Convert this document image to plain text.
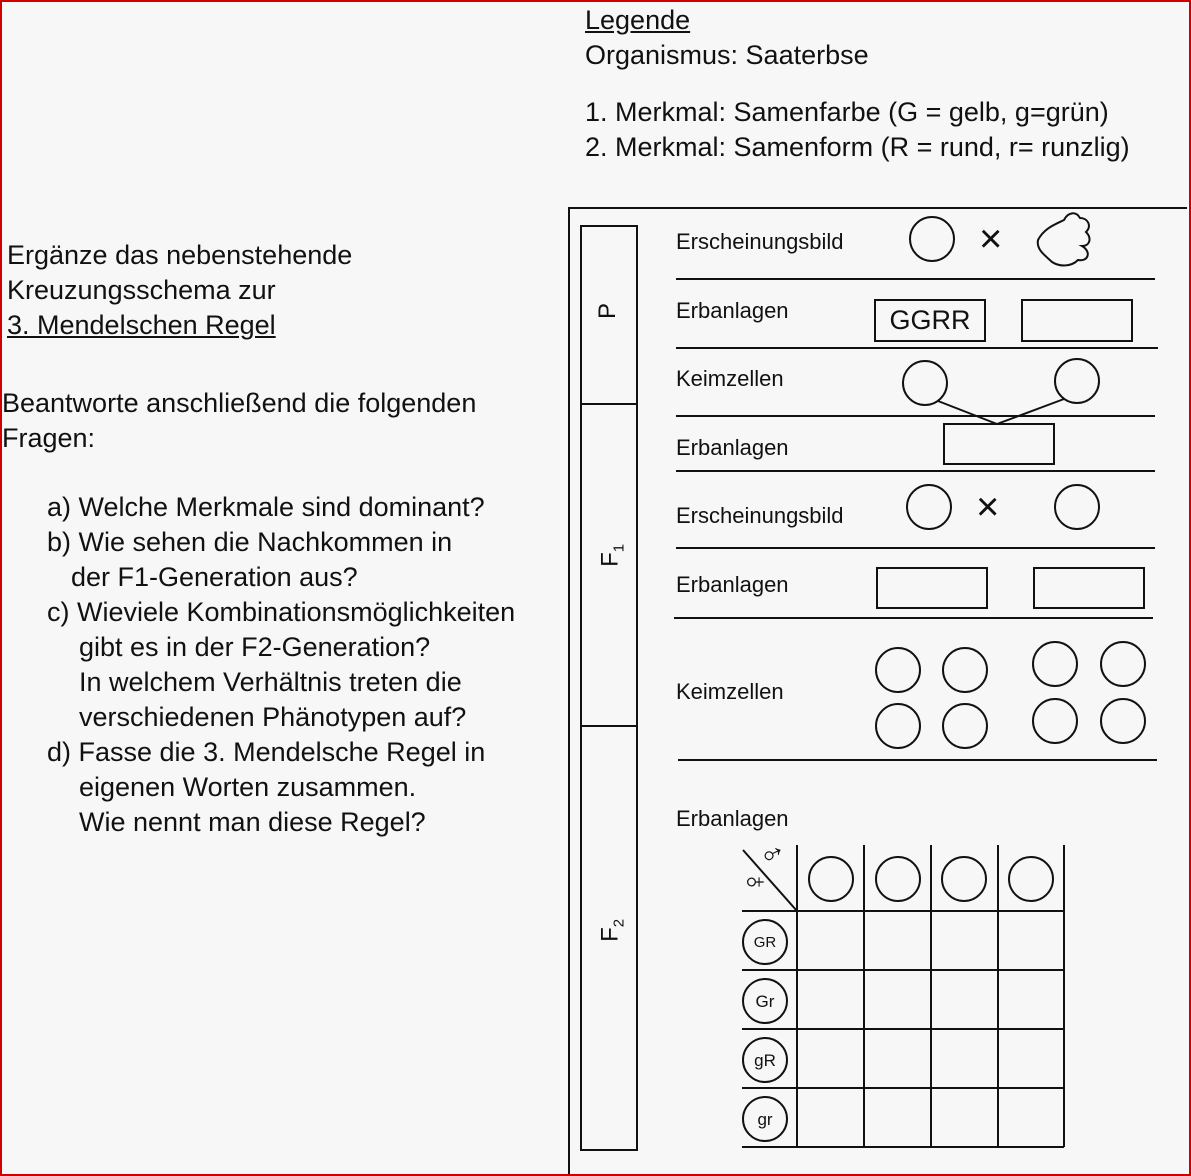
Ergänze das nebenstehende
Kreuzungsschema zur
3. Mendelschen Regel
Beantworte anschließend die folgenden
Fragen:
a) Welche Merkmale sind dominant?
b) Wie sehen die Nachkommen in
der F1-Generation aus?
c) Wieviele Kombinationsmöglichkeiten
gibt es in der F2-Generation?
In welchem Verhältnis treten die
verschiedenen Phänotypen auf?
d) Fasse die 3. Mendelsche Regel in
eigenen Worten zusammen.
Wie nennt man diese Regel?
Legende
Organismus: Saaterbse
1. Merkmal: Samenfarbe (G = gelb, g=grün)
2. Merkmal: Samenform (R = rund, r= runzlig)
P
$F_1$
$F_2$
Erscheinungsbild
Erbanlagen
Keimzellen
Erbanlagen
Erscheinungsbild
Erbanlagen
Keimzellen
Erbanlagen
×
×
GGRR
♂
♀
GR
Gr
gR
gr
